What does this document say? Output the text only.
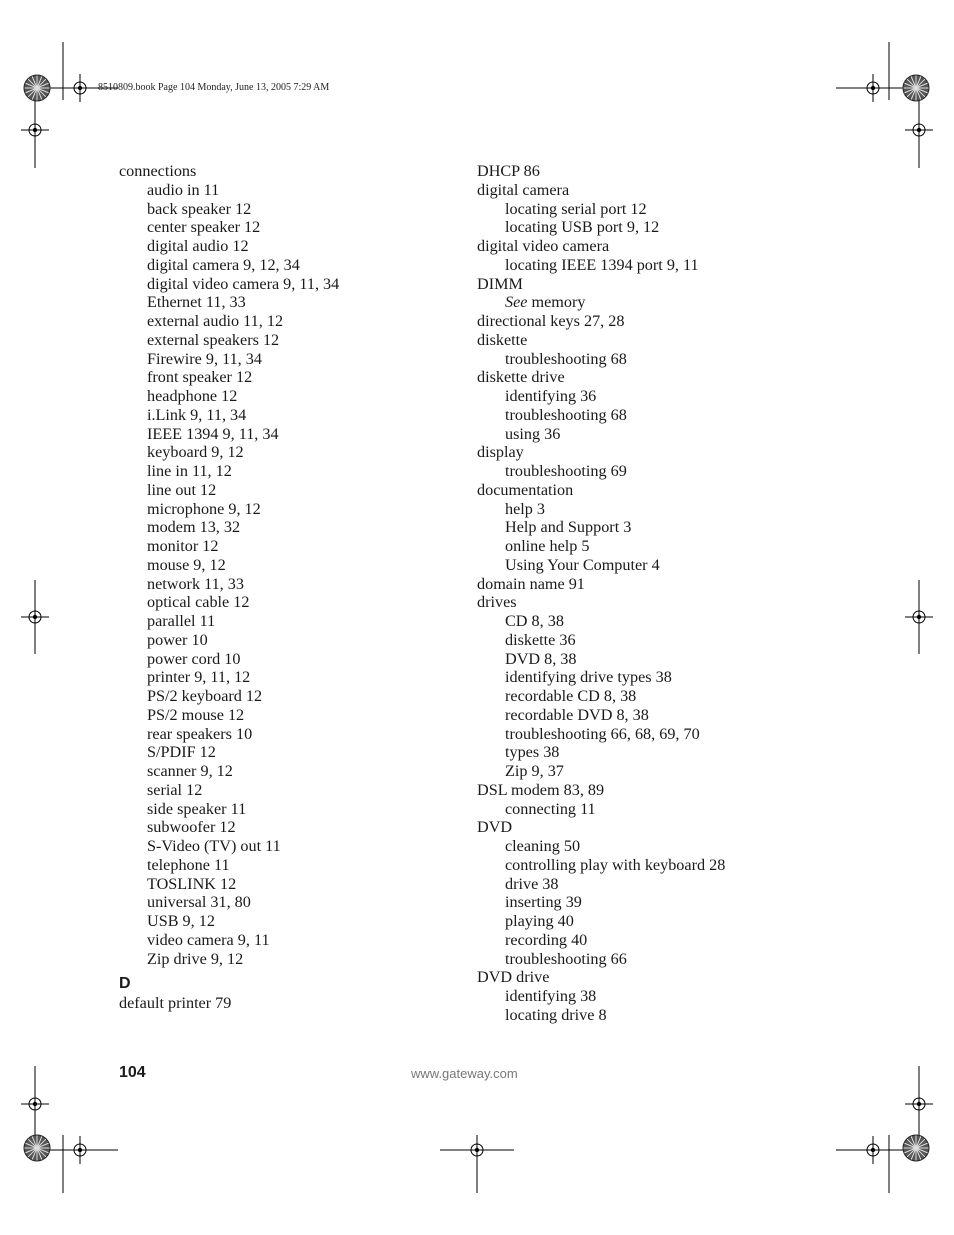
8510809.book Page 104 Monday, June 13, 2005 7:29 AM
connections
audio in 11
back speaker 12
center speaker 12
digital audio 12
digital camera 9, 12, 34
digital video camera 9, 11, 34
Ethernet 11, 33
external audio 11, 12
external speakers 12
Firewire 9, 11, 34
front speaker 12
headphone 12
i.Link 9, 11, 34
IEEE 1394 9, 11, 34
keyboard 9, 12
line in 11, 12
line out 12
microphone 9, 12
modem 13, 32
monitor 12
mouse 9, 12
network 11, 33
optical cable 12
parallel 11
power 10
power cord 10
printer 9, 11, 12
PS/2 keyboard 12
PS/2 mouse 12
rear speakers 10
S/PDIF 12
scanner 9, 12
serial 12
side speaker 11
subwoofer 12
S-Video (TV) out 11
telephone 11
TOSLINK 12
universal 31, 80
USB 9, 12
video camera 9, 11
Zip drive 9, 12
D
default printer 79
DHCP 86
digital camera
locating serial port 12
locating USB port 9, 12
digital video camera
locating IEEE 1394 port 9, 11
DIMM
See memory
directional keys 27, 28
diskette
troubleshooting 68
diskette drive
identifying 36
troubleshooting 68
using 36
display
troubleshooting 69
documentation
help 3
Help and Support 3
online help 5
Using Your Computer 4
domain name 91
drives
CD 8, 38
diskette 36
DVD 8, 38
identifying drive types 38
recordable CD 8, 38
recordable DVD 8, 38
troubleshooting 66, 68, 69, 70
types 38
Zip 9, 37
DSL modem 83, 89
connecting 11
DVD
cleaning 50
controlling play with keyboard 28
drive 38
inserting 39
playing 40
recording 40
troubleshooting 66
DVD drive
identifying 38
locating drive 8
104	www.gateway.com
